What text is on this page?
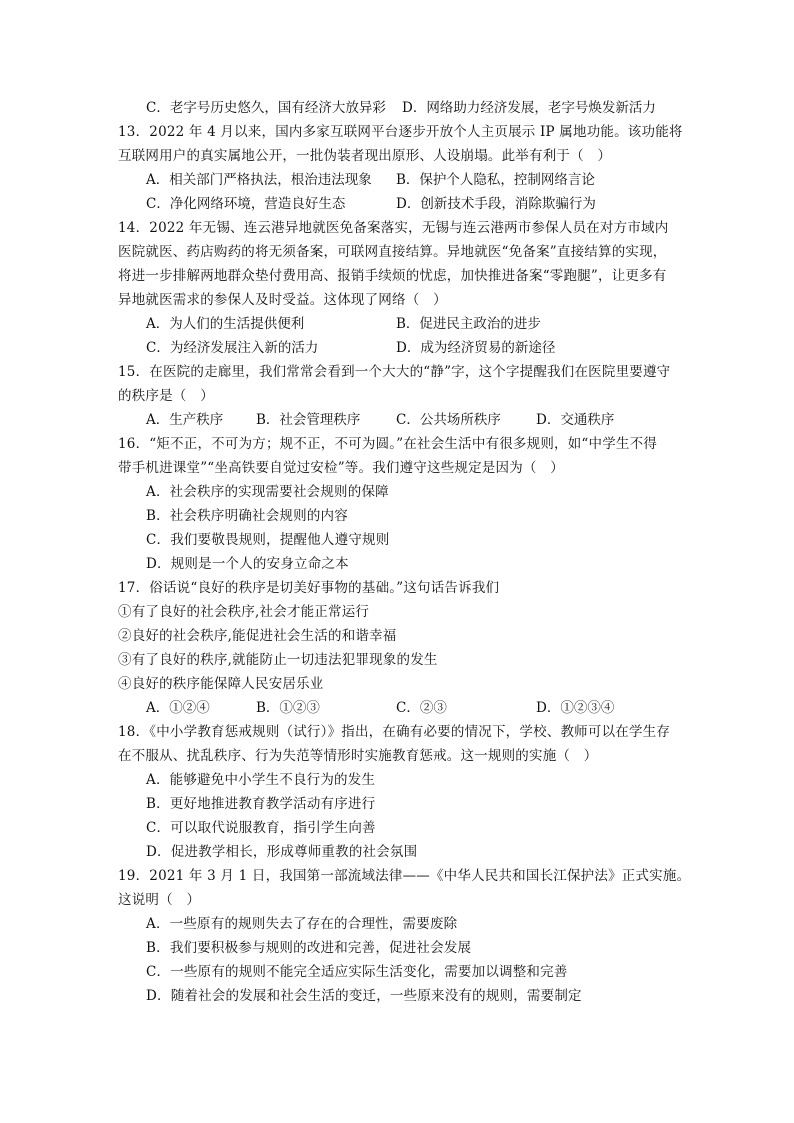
C．老字号历史悠久，国有经济大放异彩 D．网络助力经济发展，老字号焕发新活力
13．2022 年 4 月以来，国内多家互联网平台逐步开放个人主页展示 IP 属地功能。该功能将
互联网用户的真实属地公开，一批伪装者现出原形、人设崩塌。此举有利于（　）
A．相关部门严格执法，根治违法现象 B．保护个人隐私，控制网络言论
C．净化网络环境，营造良好生态	D．创新技术手段，消除欺骗行为
14．2022 年无锡、连云港异地就医免备案落实，无锡与连云港两市参保人员在对方市域内
医院就医、药店购药的将无须备案，可联网直接结算。异地就医“免备案”直接结算的实现，
将进一步排解两地群众垫付费用高、报销手续烦的忧虑，加快推进备案“零跑腿”，让更多有
异地就医需求的参保人及时受益。这体现了网络（　）
A．为人们的生活提供便利	B．促进民主政治的进步
C．为经济发展注入新的活力	D．成为经济贸易的新途径
15．在医院的走廊里，我们常常会看到一个大大的“静”字，这个字提醒我们在医院里要遵守
的秩序是（　）
A．生产秩序 B．社会管理秩序	C．公共场所秩序	D．交通秩序
16．“矩不正，不可为方；规不正，不可为圆。”在社会生活中有很多规则，如“中学生不得
带手机进课堂”“坐高铁要自觉过安检”等。我们遵守这些规定是因为（　）
A．社会秩序的实现需要社会规则的保障
B．社会秩序明确社会规则的内容
C．我们要敬畏规则，提醒他人遵守规则
D．规则是一个人的安身立命之本
17．俗话说“良好的秩序是切美好事物的基础。”这句话告诉我们
①有了良好的社会秩序,社会才能正常运行
②良好的社会秩序,能促进社会生活的和谐幸福
③有了良好的秩序,就能防止一切违法犯罪现象的发生
④良好的秩序能保障人民安居乐业
A．①②④	B．①②③	C．②③	D．①②③④
18．《中小学教育惩戒规则（试行）》指出，在确有必要的情况下，学校、教师可以在学生存
在不服从、扰乱秩序、行为失范等情形时实施教育惩戒。这一规则的实施（　）
A．能够避免中小学生不良行为的发生
B．更好地推进教育教学活动有序进行
C．可以取代说服教育，指引学生向善
D．促进教学相长，形成尊师重教的社会氛围
19．2021 年 3 月 1 日，我国第一部流域法律——《中华人民共和国长江保护法》正式实施。
这说明（　）
A．一些原有的规则失去了存在的合理性，需要废除
B．我们要积极参与规则的改进和完善，促进社会发展
C．一些原有的规则不能完全适应实际生活变化，需要加以调整和完善
D．随着社会的发展和社会生活的变迁，一些原来没有的规则，需要制定
